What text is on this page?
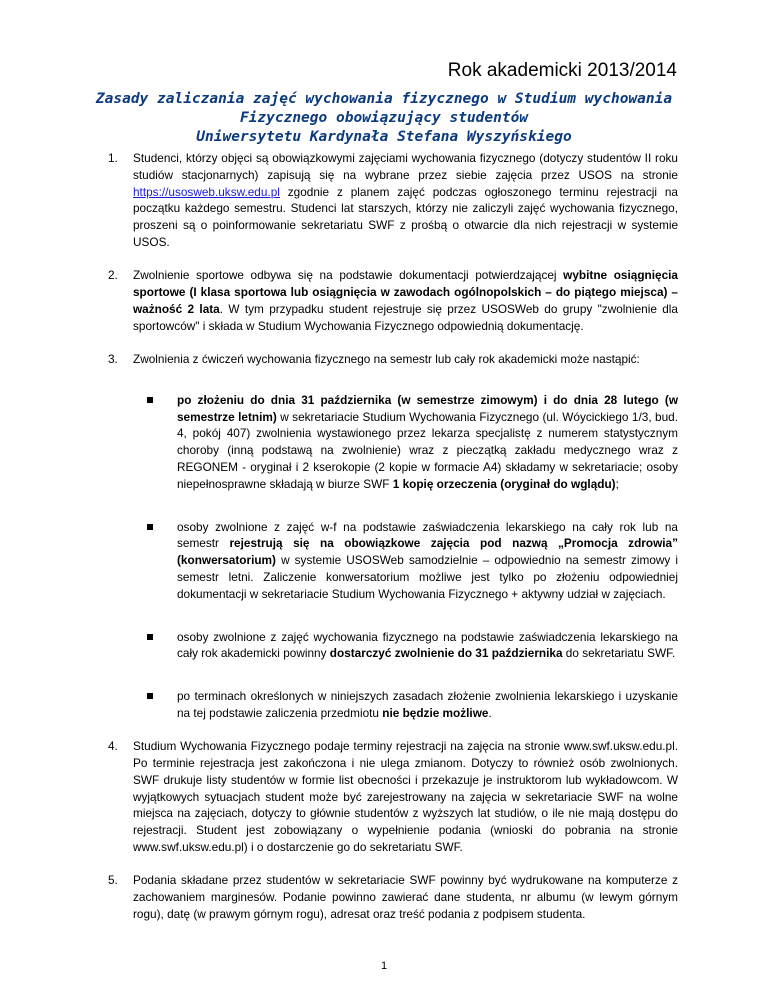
Rok akademicki 2013/2014
Zasady zaliczania zajęć wychowania fizycznego w Studium wychowania
Fizycznego obowiązujący studentów
Uniwersytetu Kardynała Stefana Wyszyńskiego
1. Studenci, którzy objęci są obowiązkowymi zajęciami wychowania fizycznego (dotyczy studentów II roku studiów stacjonarnych) zapisują się na wybrane przez siebie zajęcia przez USOS na stronie https://usosweb.uksw.edu.pl zgodnie z planem zajęć podczas ogłoszonego terminu rejestracji na początku każdego semestru. Studenci lat starszych, którzy nie zaliczyli zajęć wychowania fizycznego, proszeni są o poinformowanie sekretariatu SWF z prośbą o otwarcie dla nich rejestracji w systemie USOS.

2. Zwolnienie sportowe odbywa się na podstawie dokumentacji potwierdzającej wybitne osiągnięcia sportowe (I klasa sportowa lub osiągnięcia w zawodach ogólnopolskich – do piątego miejsca) – ważność 2 lata. W tym przypadku student rejestruje się przez USOSWeb do grupy "zwolnienie dla sportowców" i składa w Studium Wychowania Fizycznego odpowiednią dokumentację.

3. Zwolnienia z ćwiczeń wychowania fizycznego na semestr lub cały rok akademicki może nastąpić:

po złożeniu do dnia 31 października (w semestrze zimowym) i do dnia 28 lutego (w semestrze letnim) w sekretariacie Studium Wychowania Fizycznego (ul. Wóycickiego 1/3, bud. 4, pokój 407) zwolnienia wystawionego przez lekarza specjalistę z numerem statystycznym choroby (inną podstawą na zwolnienie) wraz z pieczątką zakładu medycznego wraz z REGONEM - oryginał i 2 kserokopie (2 kopie w formacie A4) składamy w sekretariacie; osoby niepełnosprawne składają w biurze SWF 1 kopię orzeczenia (oryginał do wglądu);
osoby zwolnione z zajęć w-f na podstawie zaświadczenia lekarskiego na cały rok lub na semestr rejestrują się na obowiązkowe zajęcia pod nazwą „Promocja zdrowia” (konwersatorium) w systemie USOSWeb samodzielnie – odpowiednio na semestr zimowy i semestr letni. Zaliczenie konwersatorium możliwe jest tylko po złożeniu odpowiedniej dokumentacji w sekretariacie Studium Wychowania Fizycznego + aktywny udział w zajęciach.
osoby zwolnione z zajęć wychowania fizycznego na podstawie zaświadczenia lekarskiego na cały rok akademicki powinny dostarczyć zwolnienie do 31 października do sekretariatu SWF.
po terminach określonych w niniejszych zasadach złożenie zwolnienia lekarskiego i uzyskanie na tej podstawie zaliczenia przedmiotu nie będzie możliwe.
4. Studium Wychowania Fizycznego podaje terminy rejestracji na zajęcia na stronie www.swf.uksw.edu.pl. Po terminie rejestracja jest zakończona i nie ulega zmianom. Dotyczy to również osób zwolnionych. SWF drukuje listy studentów w formie list obecności i przekazuje je instruktorom lub wykładowcom. W wyjątkowych sytuacjach student może być zarejestrowany na zajęcia w sekretariacie SWF na wolne miejsca na zajęciach, dotyczy to głównie studentów z wyższych lat studiów, o ile nie mają dostępu do rejestracji. Student jest zobowiązany o wypełnienie podania (wnioski do pobrania na stronie www.swf.uksw.edu.pl) i o dostarczenie go do sekretariatu SWF.

5. Podania składane przez studentów w sekretariacie SWF powinny być wydrukowane na komputerze z zachowaniem marginesów. Podanie powinno zawierać dane studenta, nr albumu (w lewym górnym rogu), datę (w prawym górnym rogu), adresat oraz treść podania z podpisem studenta.

1
